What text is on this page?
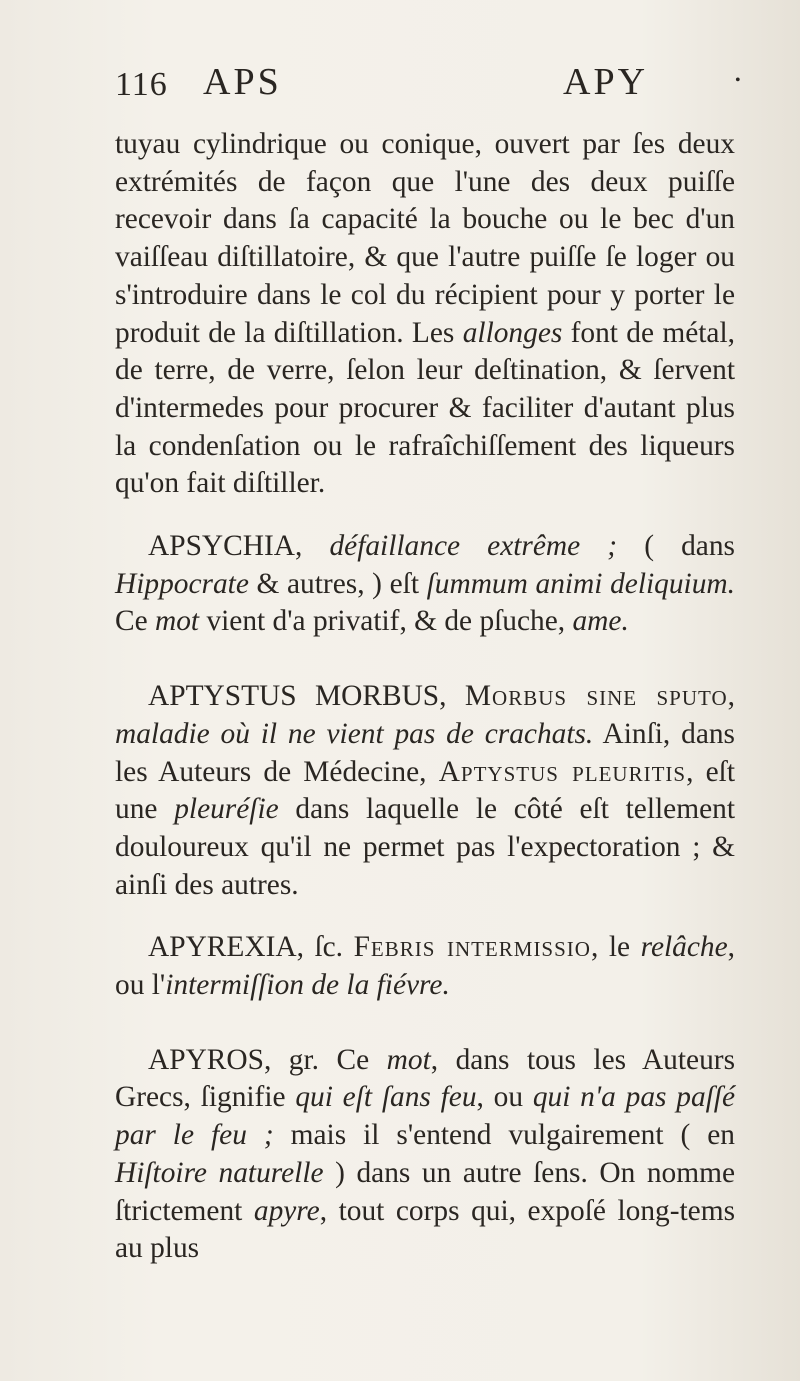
116 APS	APY	•

tuyau cylindrique ou conique, ouvert par ſes deux extrémités de façon que l'une des deux puiſſe recevoir dans ſa capacité la bouche ou le bec d'un vaiſſeau diſtillatoire, & que l'autre puiſſe ſe loger ou s'introduire dans le col du récipient pour y porter le produit de la diſtillation. Les allonges font de métal, de terre, de verre, ſelon leur deſtination, & ſervent d'intermedes pour procurer & faciliter d'autant plus la condenſation ou le rafraîchiſſement des liqueurs qu'on fait diſtiller.

APSYCHIA, défaillance extrême ; ( dans Hippocrate & autres, ) eſt ſummum animi deliquium. Ce mot vient d'a privatif, & de pſuche, ame.

APTYSTUS MORBUS, Morbus sine sputo, maladie où il ne vient pas de crachats. Ainſi, dans les Auteurs de Médecine, Aptystus pleuritis, eſt une pleuréſie dans laquelle le côté eſt tellement douloureux qu'il ne permet pas l'expectoration ; & ainſi des autres.

APYREXIA, ſc. Febris intermissio, le relâche, ou l'intermiſſion de la fiévre.

APYROS, gr. Ce mot, dans tous les Auteurs Grecs, ſignifie qui eſt ſans feu, ou qui n'a pas paſſé par le feu ; mais il s'entend vulgairement ( en Hiſtoire naturelle ) dans un autre ſens. On nomme ſtrictement apyre, tout corps qui, expoſé long-tems au plus
